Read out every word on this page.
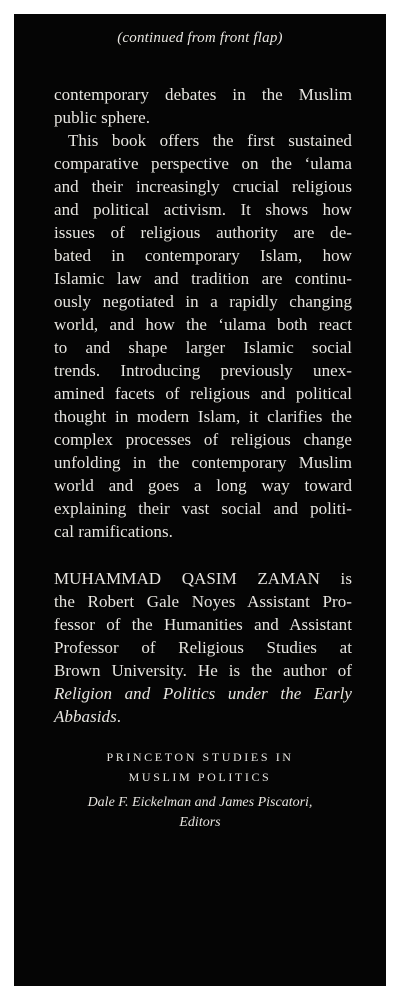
(continued from front flap)
contemporary debates in the Muslim
public sphere.
This book offers the first sustained
comparative perspective on the ‘ulama
and their increasingly crucial religious
and political activism. It shows how
issues of religious authority are de-
bated in contemporary Islam, how
Islamic law and tradition are continu-
ously negotiated in a rapidly changing
world, and how the ‘ulama both react
to and shape larger Islamic social
trends. Introducing previously unex-
amined facets of religious and political
thought in modern Islam, it clarifies the
complex processes of religious change
unfolding in the contemporary Muslim
world and goes a long way toward
explaining their vast social and politi-
cal ramifications.
MUHAMMAD QASIM ZAMAN is
the Robert Gale Noyes Assistant Pro-
fessor of the Humanities and Assistant
Professor of Religious Studies at
Brown University. He is the author of
Religion and Politics under the Early
Abbasids.
PRINCETON STUDIES IN
MUSLIM POLITICS
Dale F. Eickelman and James Piscatori,
Editors
